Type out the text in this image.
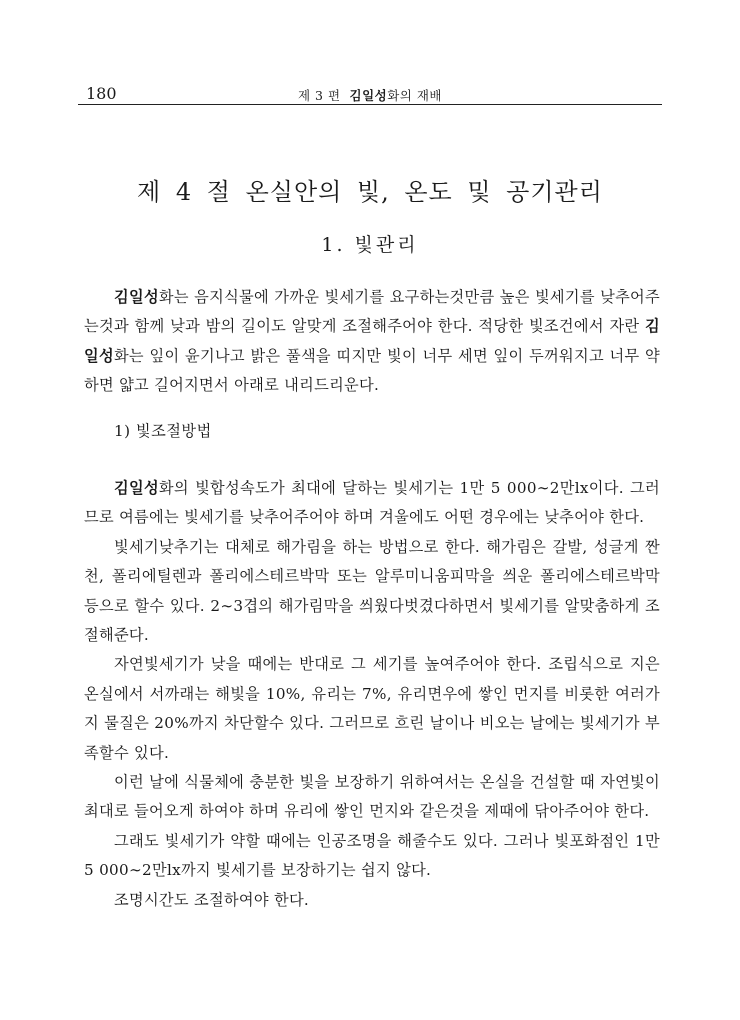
180	제 3 편 김일성화의 재배
제 4 절 온실안의 빛, 온도 및 공기관리
1. 빛관리

김일성화는 음지식물에 가까운 빛세기를 요구하는것만큼 높은 빛세기를 낮추어주는것과 함께 낮과 밤의 길이도 알맞게 조절해주어야 한다. 적당한 빛조건에서 자란 김일성화는 잎이 윤기나고 밝은 풀색을 띠지만 빛이 너무 세면 잎이 두꺼워지고 너무 약하면 얇고 길어지면서 아래로 내리드리운다.

1) 빛조절방법

김일성화의 빛합성속도가 최대에 달하는 빛세기는 1만 5 000∼2만lx이다. 그러므로 여름에는 빛세기를 낮추어주어야 하며 겨울에도 어떤 경우에는 낮추어야 한다.

빛세기낮추기는 대체로 해가림을 하는 방법으로 한다. 해가림은 갈발, 성글게 짠 천, 폴리에틸렌과 폴리에스테르박막 또는 알루미니움피막을 씌운 폴리에스테르박막 등으로 할수 있다. 2∼3겹의 해가림막을 씌웠다벗겼다하면서 빛세기를 알맞춤하게 조절해준다.

자연빛세기가 낮을 때에는 반대로 그 세기를 높여주어야 한다. 조립식으로 지은 온실에서 서까래는 해빛을 10%, 유리는 7%, 유리면우에 쌓인 먼지를 비롯한 여러가지 물질은 20%까지 차단할수 있다. 그러므로 흐린 날이나 비오는 날에는 빛세기가 부족할수 있다.

이런 날에 식물체에 충분한 빛을 보장하기 위하여서는 온실을 건설할 때 자연빛이 최대로 들어오게 하여야 하며 유리에 쌓인 먼지와 같은것을 제때에 닦아주어야 한다.

그래도 빛세기가 약할 때에는 인공조명을 해줄수도 있다. 그러나 빛포화점인 1만 5 000∼2만lx까지 빛세기를 보장하기는 쉽지 않다.

조명시간도 조절하여야 한다.
